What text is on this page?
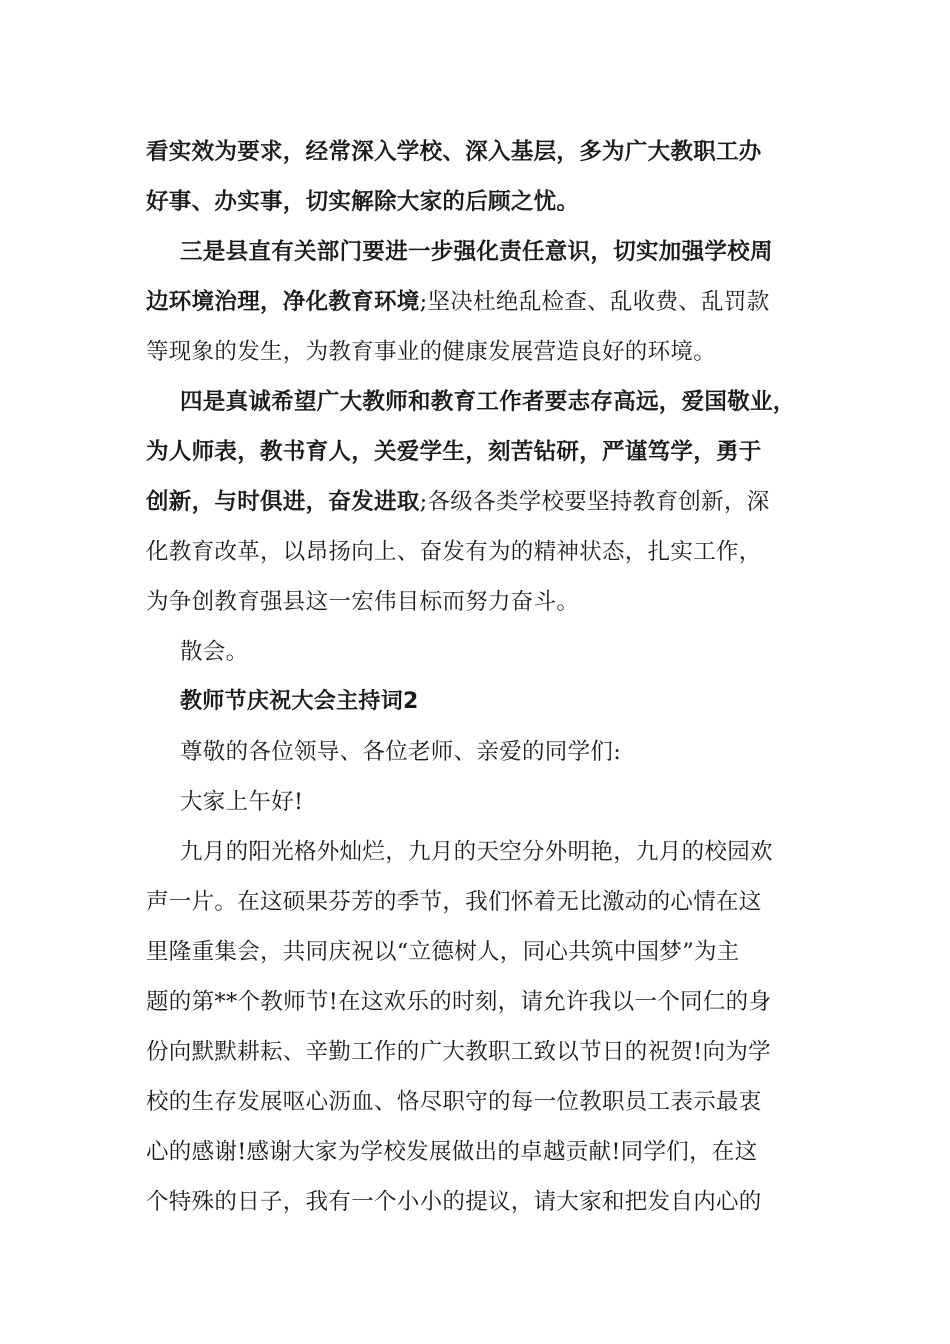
看实效为要求，经常深入学校、深入基层，多为广大教职工办
好事、办实事，切实解除大家的后顾之忧。
三是县直有关部门要进一步强化责任意识，切实加强学校周
边环境治理，净化教育环境;坚决杜绝乱检查、乱收费、乱罚款
等现象的发生，为教育事业的健康发展营造良好的环境。
四是真诚希望广大教师和教育工作者要志存高远，爱国敬业，
为人师表，教书育人，关爱学生，刻苦钻研，严谨笃学，勇于
创新，与时俱进，奋发进取;各级各类学校要坚持教育创新，深
化教育改革，以昂扬向上、奋发有为的精神状态，扎实工作，
为争创教育强县这一宏伟目标而努力奋斗。
散会。
教师节庆祝大会主持词2
尊敬的各位领导、各位老师、亲爱的同学们:
大家上午好!
九月的阳光格外灿烂，九月的天空分外明艳，九月的校园欢
声一片。在这硕果芬芳的季节，我们怀着无比激动的心情在这
里隆重集会，共同庆祝以“立德树人，同心共筑中国梦”为主
题的第**个教师节!在这欢乐的时刻，请允许我以一个同仁的身
份向默默耕耘、辛勤工作的广大教职工致以节日的祝贺!向为学
校的生存发展呕心沥血、恪尽职守的每一位教职员工表示最衷
心的感谢!感谢大家为学校发展做出的卓越贡献!同学们，在这
个特殊的日子，我有一个小小的提议，请大家和把发自内心的
